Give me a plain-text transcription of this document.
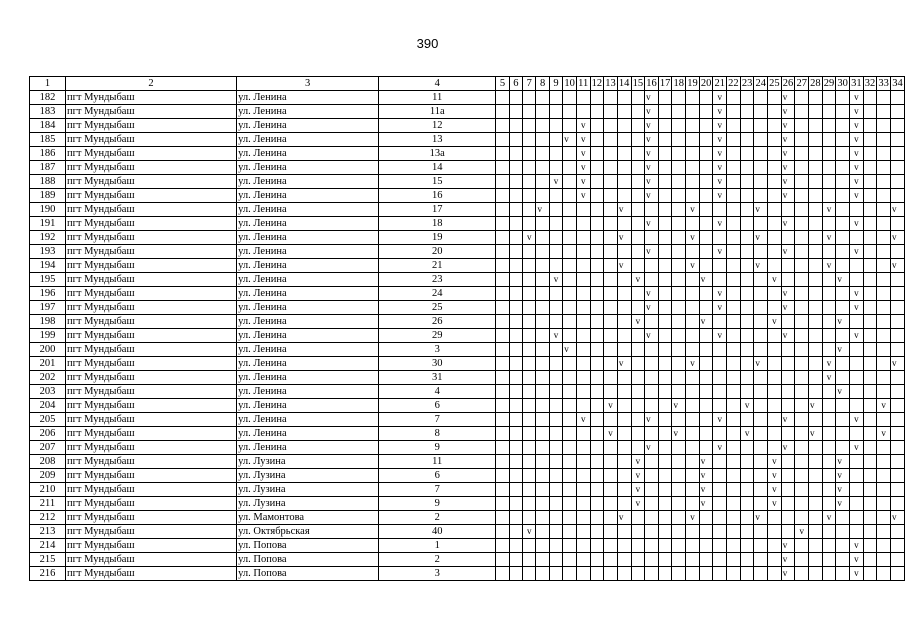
390
1	2	3	4	5	6	7	8	9	10	11	12	13	14	15	16	17	18	19	20	21	22	23	24	25	26	27	28	29	30	31	32	33	34
182	пгт Мундыбаш	ул. Ленина	11												v					v					v					v			
183	пгт Мундыбаш	ул. Ленина	11а												v					v					v					v			
184	пгт Мундыбаш	ул. Ленина	12							v					v					v					v					v			
185	пгт Мундыбаш	ул. Ленина	13						v	v					v					v					v					v			
186	пгт Мундыбаш	ул. Ленина	13а							v					v					v					v					v			
187	пгт Мундыбаш	ул. Ленина	14							v					v					v					v					v			
188	пгт Мундыбаш	ул. Ленина	15					v		v					v					v					v					v			
189	пгт Мундыбаш	ул. Ленина	16							v					v					v					v					v			
190	пгт Мундыбаш	ул. Ленина	17				v						v					v					v					v					v
191	пгт Мундыбаш	ул. Ленина	18												v					v					v					v			
192	пгт Мундыбаш	ул. Ленина	19			v							v					v					v					v					v
193	пгт Мундыбаш	ул. Ленина	20												v					v					v					v			
194	пгт Мундыбаш	ул. Ленина	21										v					v					v					v					v
195	пгт Мундыбаш	ул. Ленина	23					v						v					v					v					v				
196	пгт Мундыбаш	ул. Ленина	24												v					v					v					v			
197	пгт Мундыбаш	ул. Ленина	25												v					v					v					v			
198	пгт Мундыбаш	ул. Ленина	26											v					v					v					v				
199	пгт Мундыбаш	ул. Ленина	29					v							v					v					v					v			
200	пгт Мундыбаш	ул. Ленина	3						v																				v				
201	пгт Мундыбаш	ул. Ленина	30										v					v					v					v					v
202	пгт Мундыбаш	ул. Ленина	31																									v					
203	пгт Мундыбаш	ул. Ленина	4																										v				
204	пгт Мундыбаш	ул. Ленина	6									v					v					v					v					v	
205	пгт Мундыбаш	ул. Ленина	7							v					v					v					v					v			
206	пгт Мундыбаш	ул. Ленина	8									v					v					v					v					v	
207	пгт Мундыбаш	ул. Ленина	9												v					v					v					v			
208	пгт Мундыбаш	ул. Лузина	11											v					v					v					v				
209	пгт Мундыбаш	ул. Лузина	6											v					v					v					v				
210	пгт Мундыбаш	ул. Лузина	7											v					v					v					v				
211	пгт Мундыбаш	ул. Лузина	9											v					v					v					v				
212	пгт Мундыбаш	ул. Мамонтова	2										v					v					v					v					v
213	пгт Мундыбаш	ул. Октябрьская	40			v																				v							
214	пгт Мундыбаш	ул. Попова	1																						v					v			
215	пгт Мундыбаш	ул. Попова	2																						v					v			
216	пгт Мундыбаш	ул. Попова	3																						v					v			
